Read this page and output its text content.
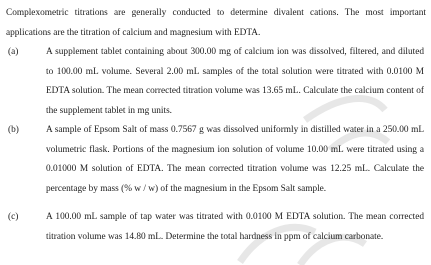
Complexometric titrations are generally conducted to determine divalent cations. The most important applications are the titration of calcium and magnesium with EDTA.
(a)	A supplement tablet containing about 300.00 mg of calcium ion was dissolved, filtered, and diluted to 100.00 mL volume. Several 2.00 mL samples of the total solution were titrated with 0.0100 M EDTA solution. The mean corrected titration volume was 13.65 mL. Calculate the calcium content of the supplement tablet in mg units.
(b)	A sample of Epsom Salt of mass 0.7567 g was dissolved uniformly in distilled water in a 250.00 mL volumetric flask. Portions of the magnesium ion solution of volume 10.00 mL were titrated using a 0.01000 M solution of EDTA. The mean corrected titration volume was 12.25 mL. Calculate the percentage by mass (% w / w) of the magnesium in the Epsom Salt sample.
(c)	A 100.00 mL sample of tap water was titrated with 0.0100 M EDTA solution. The mean corrected titration volume was 14.80 mL. Determine the total hardness in ppm of calcium carbonate.
